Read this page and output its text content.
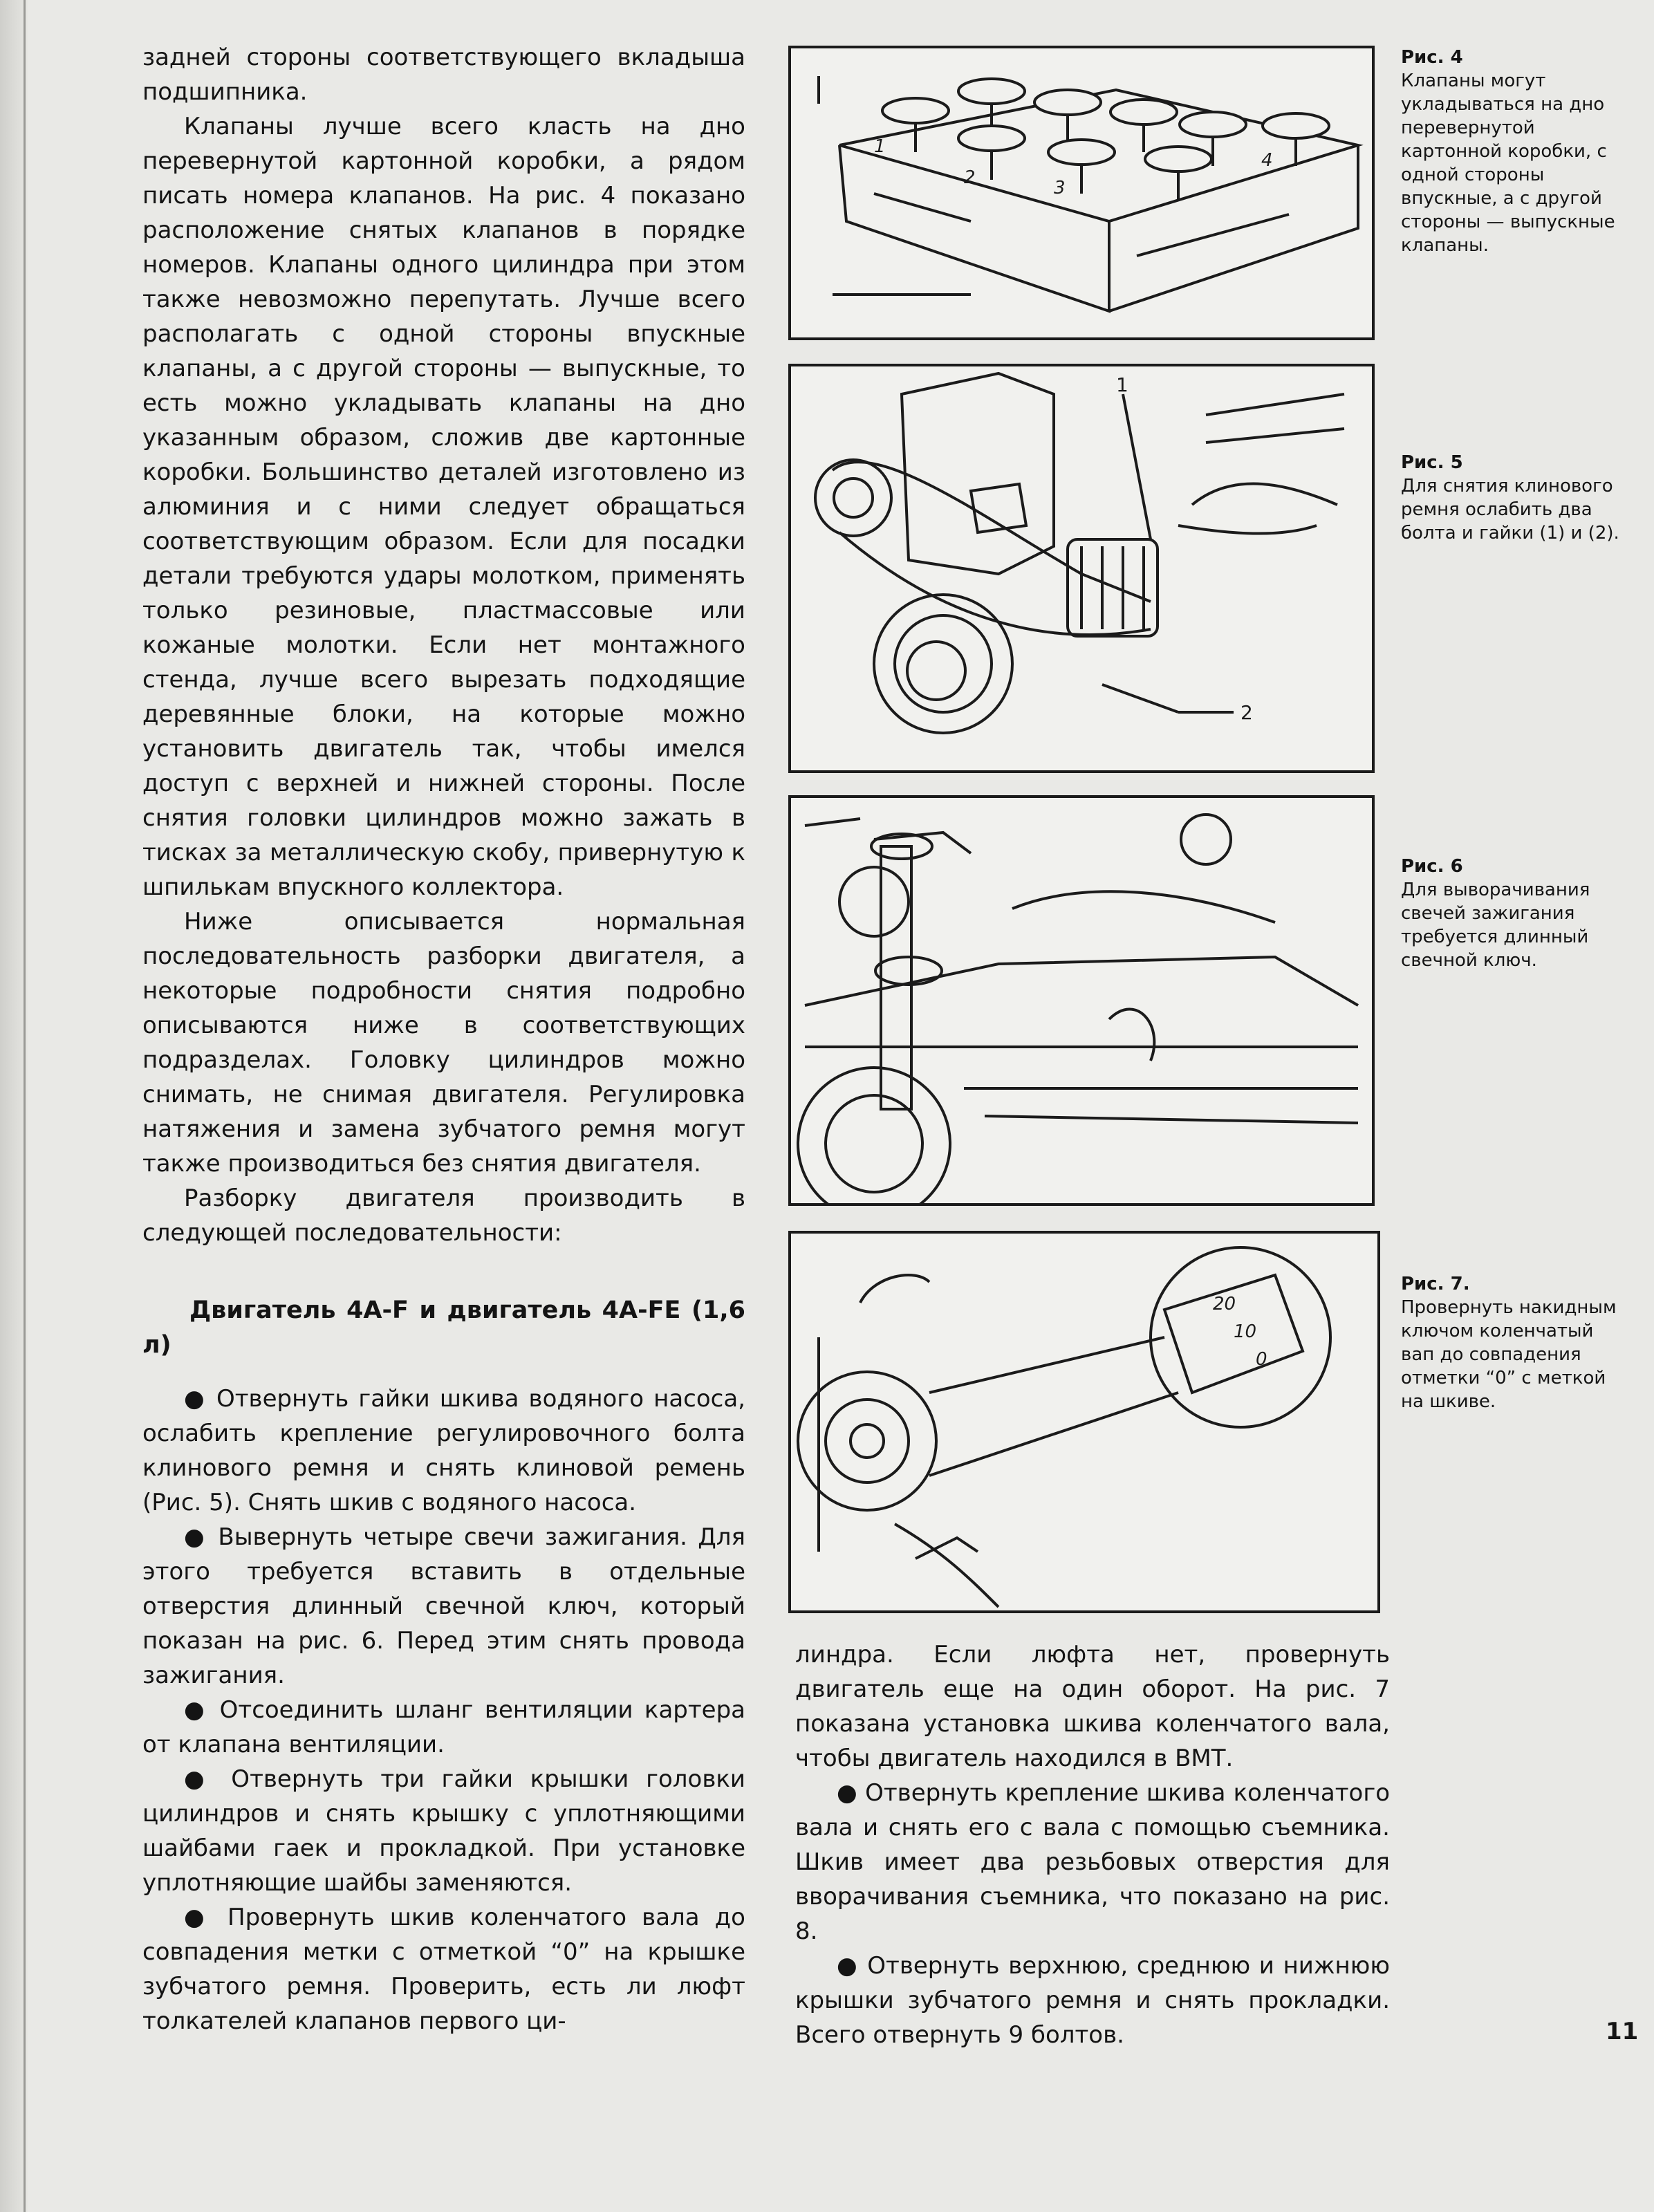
задней стороны соответствующего вкладыша подшипника.

Клапаны лучше всего класть на дно перевернутой картонной коробки, а рядом писать номера клапанов. На рис. 4 показано расположение снятых клапанов в порядке номеров. Клапаны одного цилиндра при этом также невозможно перепутать. Лучше всего располагать с одной стороны впускные клапаны, а с другой стороны — выпускные, то есть можно укладывать клапаны на дно указанным образом, сложив две картонные коробки. Большинство деталей изготовлено из алюминия и с ними следует обращаться соответствующим образом. Если для посадки детали требуются удары молотком, применять только резиновые, пластмассовые или кожаные молотки. Если нет монтажного стенда, лучше всего вырезать подходящие деревянные блоки, на которые можно установить двигатель так, чтобы имелся доступ с верхней и нижней стороны. После снятия головки цилиндров можно зажать в тисках за металлическую скобу, привернутую к шпилькам впускного коллектора.

Ниже описывается нормальная последовательность разборки двигателя, а некоторые подробности снятия подробно описываются ниже в соответствующих подразделах. Головку цилиндров можно снимать, не снимая двигателя. Регулировка натяжения и замена зубчатого ремня могут также производиться без снятия двигателя.

Разборку двигателя производить в следующей последовательности:

Двигатель 4A-F и двигатель 4A-FE (1,6 л)

● Отвернуть гайки шкива водяного насоса, ослабить крепление регулировочного болта клинового ремня и снять клиновой ремень (Рис. 5). Снять шкив с водяного насоса.

● Вывернуть четыре свечи зажигания. Для этого требуется вставить в отдельные отверстия длинный свечной ключ, который показан на рис. 6. Перед этим снять провода зажигания.

● Отсоединить шланг вентиляции картера от клапана вентиляции.

● Отвернуть три гайки крышки головки цилиндров и снять крышку с уплотняющими шайбами гаек и прокладкой. При установке уплотняющие шайбы заменяются.

● Провернуть шкив коленчатого вала до совпадения метки с отметкой “0” на крышке зубчатого ремня. Проверить, есть ли люфт толкателей клапанов первого ци-

1
2	3
4
Рис. 4
Клапаны могут укладываться на дно перевернутой картонной коробки, с одной стороны впускные, а с другой стороны — выпускные клапаны.
1
2
Рис. 5
Для снятия клинового ремня ослабить два болта и гайки (1) и (2).
Рис. 6
Для выворачивания свечей зажигания требуется длинный свечной ключ.
20
10
0
Рис. 7.
Провернуть накидным ключом коленчатый вап до совпадения отметки “0” с меткой на шкиве.

линдра. Если люфта нет, провернуть двигатель еще на один оборот. На рис. 7 показана установка шкива коленчатого вала, чтобы двигатель находился в ВМТ.

● Отвернуть крепление шкива коленчатого вала и снять его с вала с помощью съемника. Шкив имеет два резьбовых отверстия для вворачивания съемника, что показано на рис. 8.

● Отвернуть верхнюю, среднюю и нижнюю крышки зубчатого ремня и снять прокладки. Всего отвернуть 9 болтов.	11
